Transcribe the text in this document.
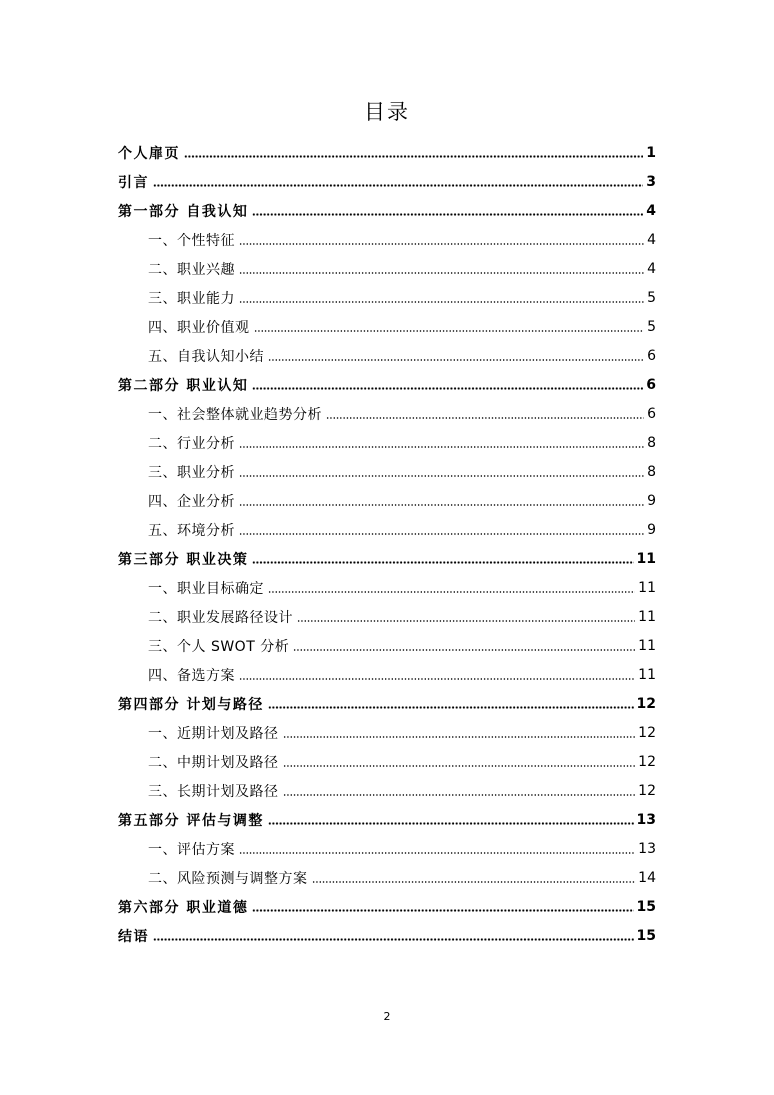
目录
个人扉页	1
引言	3
第一部分 自我认知	4
一、个性特征	4
二、职业兴趣	4
三、职业能力	5
四、职业价值观	5
五、自我认知小结	6
第二部分 职业认知	6
一、社会整体就业趋势分析	6
二、行业分析	8
三、职业分析	8
四、企业分析	9
五、环境分析	9
第三部分 职业决策	11
一、职业目标确定	11
二、职业发展路径设计	11
三、个人 SWOT 分析	11
四、备选方案	11
第四部分 计划与路径	12
一、近期计划及路径	12
二、中期计划及路径	12
三、长期计划及路径	12
第五部分 评估与调整	13
一、评估方案	13
二、风险预测与调整方案	14
第六部分 职业道德	15
结语	15
2
